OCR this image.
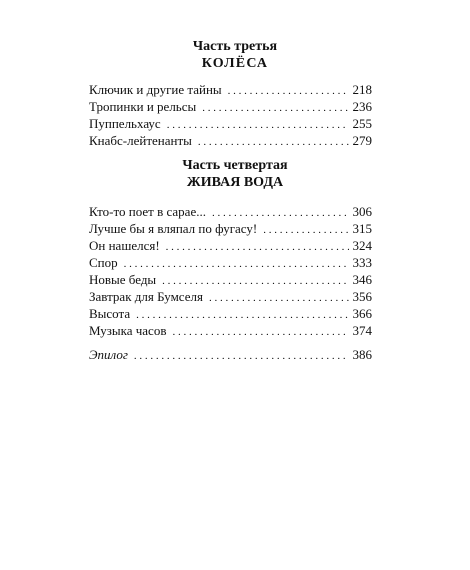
Часть третья
КОЛЁСА
Ключик и другие тайны . . .	218
Тропинки и рельсы . . .	236
Пуппельхаус . . .	255
Кнабс-лейтенанты . . .	279
Часть четвертая
ЖИВАЯ ВОДА
Кто-то поет в сарае... . . .	306
Лучше бы я вляпал по фугасу! . . .	315
Он нашелся! . . .	324
Спор . . .	333
Новые беды . . .	346
Завтрак для Бумселя . . .	356
Высота . . .	366
Музыка часов . . .	374
Эпилог . . .	386
